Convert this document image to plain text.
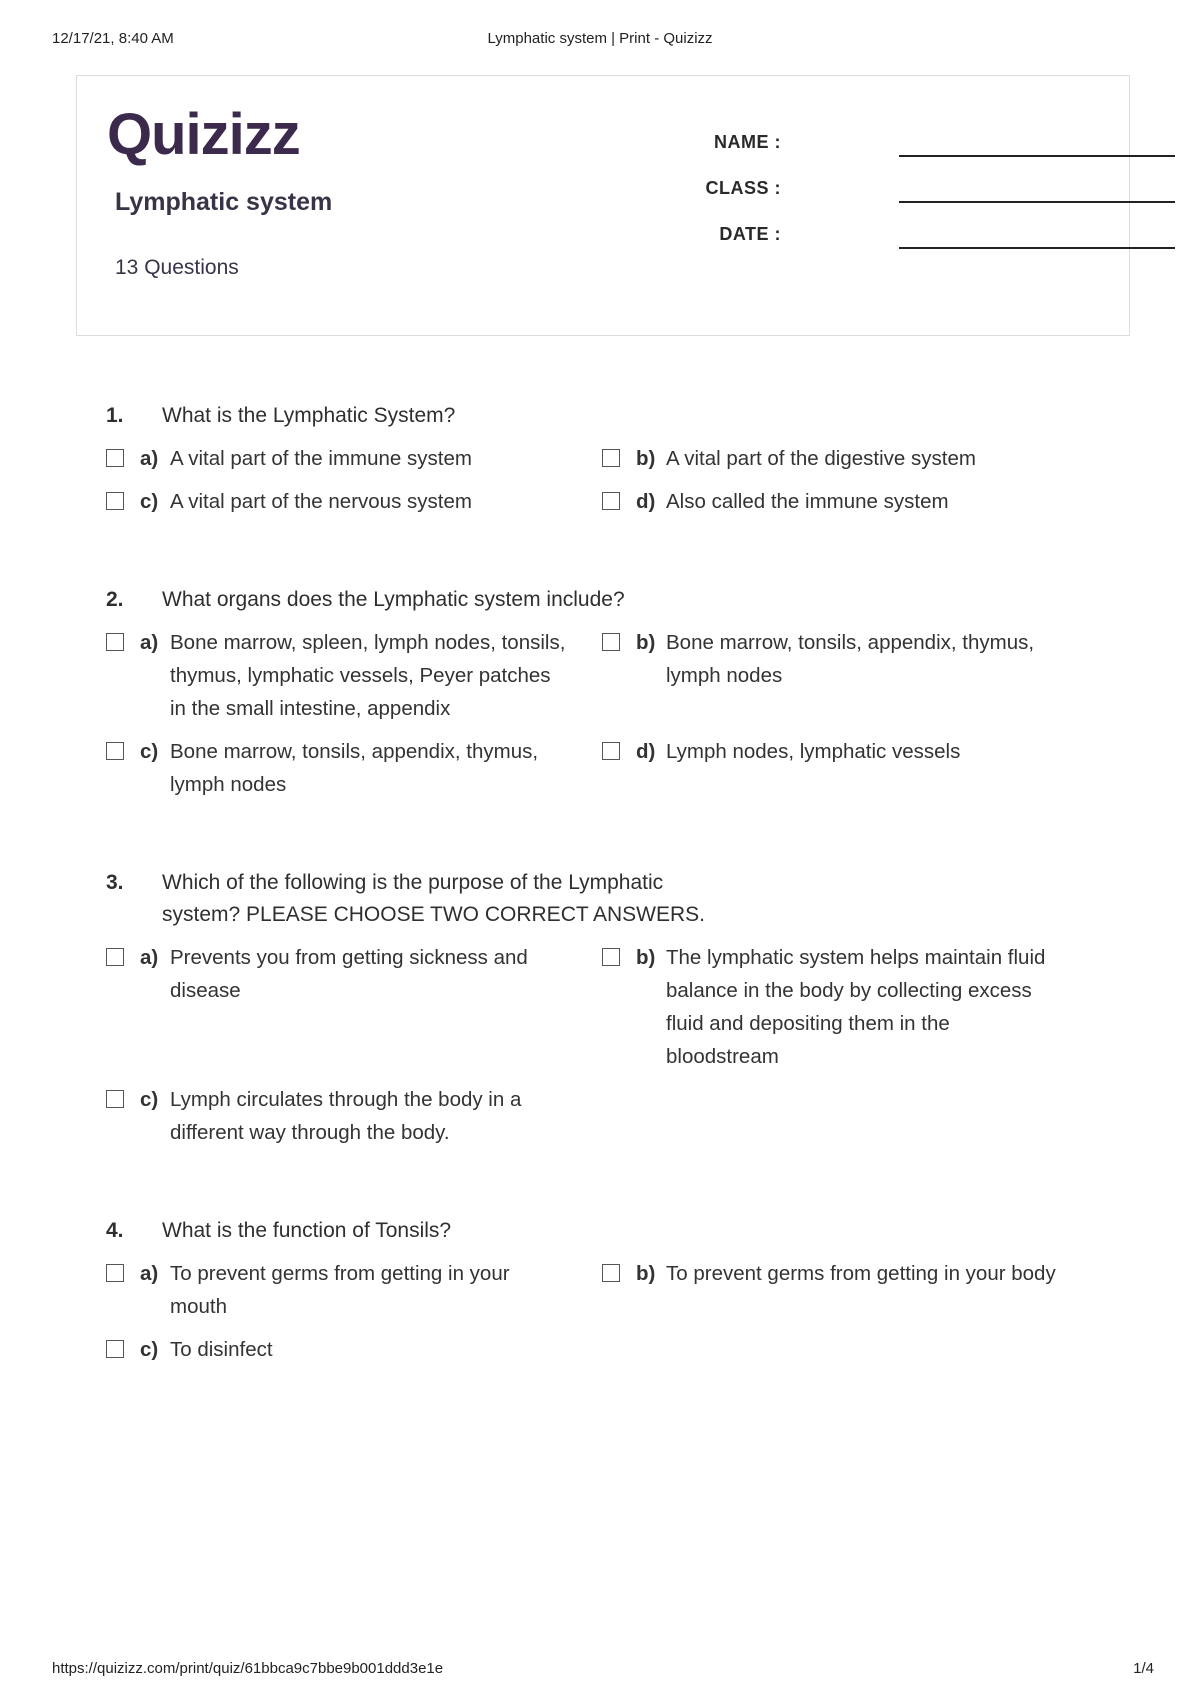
12/17/21, 8:40 AM	Lymphatic system | Print - Quizizz
Quizizz
Lymphatic system
13 Questions
NAME :
CLASS :
DATE :
1.	What is the Lymphatic System?
a) A vital part of the immune system	b) A vital part of the digestive system
c) A vital part of the nervous system	d) Also called the immune system
2.	What organs does the Lymphatic system include?
a) Bone marrow, spleen, lymph nodes, tonsils, thymus, lymphatic vessels, Peyer patches in the small intestine, appendix
b) Bone marrow, tonsils, appendix, thymus, lymph nodes
c) Bone marrow, tonsils, appendix, thymus, lymph nodes
d) Lymph nodes, lymphatic vessels
3.	Which of the following is the purpose of the Lymphatic system? PLEASE CHOOSE TWO CORRECT ANSWERS.
a) Prevents you from getting sickness and disease
b) The lymphatic system helps maintain fluid balance in the body by collecting excess fluid and depositing them in the bloodstream
c) Lymph circulates through the body in a different way through the body.
4.	What is the function of Tonsils?
a) To prevent germs from getting in your mouth
b) To prevent germs from getting in your body
c) To disinfect
https://quizizz.com/print/quiz/61bbca9c7bbe9b001ddd3e1e	1/4
